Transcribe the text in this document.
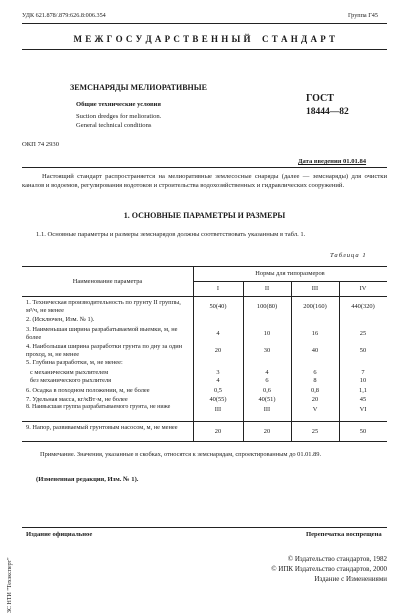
УДК 621.878/.879:626.8:006.354	Группа Г45
М Е Ж Г О С У Д А Р С Т В Е Н Н Ы Й    С Т А Н Д А Р Т
ЗЕМСНАРЯДЫ МЕЛИОРАТИВНЫЕ
Общие технические условия
Suction dredges for melioration.
General technical conditions
ГОСТ
18444—82
ОКП 74 2930
Дата введения 01.01.84
Настоящий стандарт распространяется на мелиоративные землесосные снаряды (далее — земснаряды) для очистки каналов и водоемов, регулирования водотоков и строительства водохозяйственных и гидравлических сооружений.
1. ОСНОВНЫЕ ПАРАМЕТРЫ И РАЗМЕРЫ
1.1. Основные параметры и размеры земснарядов должны соответствовать указанным в табл. 1.
Таблица 1
Наименование параметра
Нормы для типоразмеров
I	II	III	IV
1. Техническая производительность по грунту II группы, м³/ч, не менее
50(40)	100(80)	200(160)	440(320)
2. (Исключен, Изм. № 1).
3. Наименьшая ширина разрабатываемой выемки, м, не более
4	10	16	25
4. Наибольшая ширина разработки грунта по дну за один проход, м, не менее
20	30	40	50
5. Глубина разработки, м, не менее:
с механическим рыхлителем	3	4	6	7
без механического рыхлителя	4	6	8	10
6. Осадка в походном положении, м, не более	0,5	0,6	0,8	1,1
7. Удельная масса, кг/кВт·м, не более	40(55)	40(51)	20	45
8. Наивысшая группа разрабатываемого грунта, не ниже	III	III	V	VI
9. Напор, развиваемый грунтовым насосом, м, не менее
20	20	25	50
Примечание. Значения, указанные в скобках, относятся к земснарядам, спроектированным до 01.01.89.
(Измененная редакция, Изм. № 1).
Издание официальное	Перепечатка воспрещена
© Издательство стандартов, 1982
© ИПК Издательство стандартов, 2000
Издание с Изменениями
ЗС НТИ "Техэксперт"
